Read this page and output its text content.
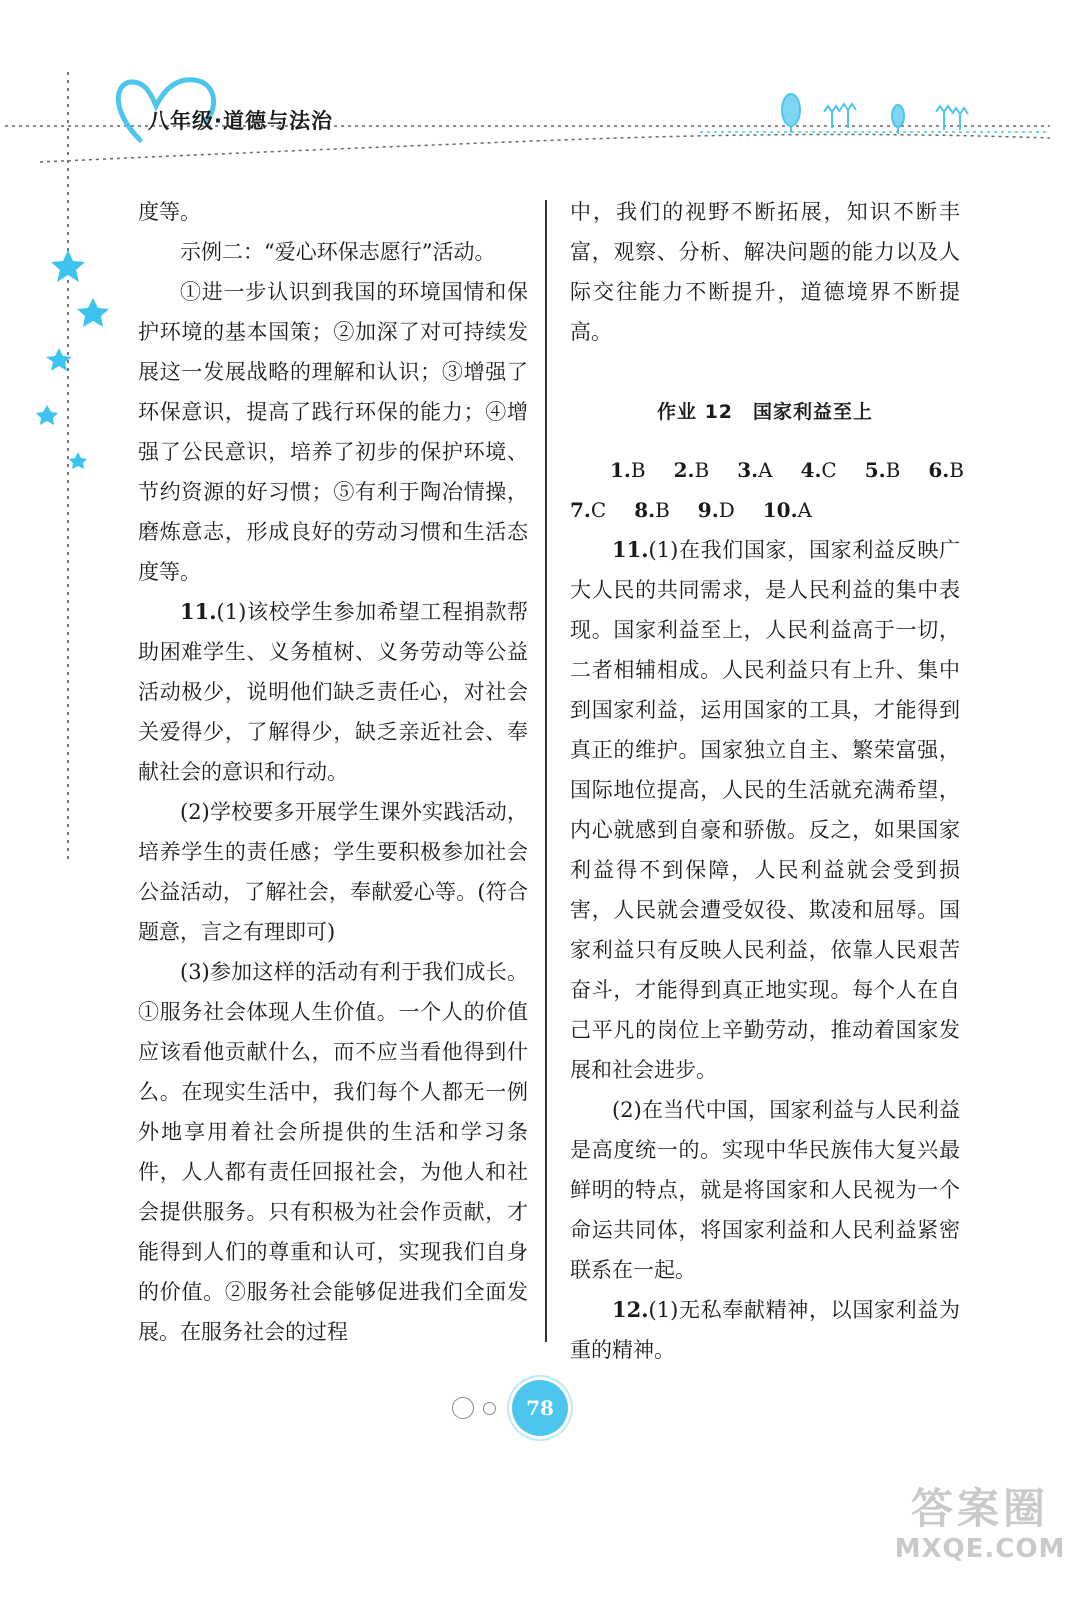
八年级·道德与法治

度等。

示例二：“爱心环保志愿行”活动。

①进一步认识到我国的环境国情和保护环境的基本国策；②加深了对可持续发展这一发展战略的理解和认识；③增强了环保意识，提高了践行环保的能力；④增强了公民意识，培养了初步的保护环境、节约资源的好习惯；⑤有利于陶冶情操，磨炼意志，形成良好的劳动习惯和生活态度等。

11.(1)该校学生参加希望工程捐款帮助困难学生、义务植树、义务劳动等公益活动极少，说明他们缺乏责任心，对社会关爱得少，了解得少，缺乏亲近社会、奉献社会的意识和行动。

(2)学校要多开展学生课外实践活动，培养学生的责任感；学生要积极参加社会公益活动，了解社会，奉献爱心等。(符合题意，言之有理即可)

(3)参加这样的活动有利于我们成长。①服务社会体现人生价值。一个人的价值应该看他贡献什么，而不应当看他得到什么。在现实生活中，我们每个人都无一例外地享用着社会所提供的生活和学习条件，人人都有责任回报社会，为他人和社会提供服务。只有积极为社会作贡献，才能得到人们的尊重和认可，实现我们自身的价值。②服务社会能够促进我们全面发展。在服务社会的过程

中，我们的视野不断拓展，知识不断丰富，观察、分析、解决问题的能力以及人际交往能力不断提升，道德境界不断提高。

作业 12　国家利益至上

1.B 2.B 3.A 4.C 5.B 6.B

7.C 8.B 9.D 10.A

11.(1)在我们国家，国家利益反映广大人民的共同需求，是人民利益的集中表现。国家利益至上，人民利益高于一切，二者相辅相成。人民利益只有上升、集中到国家利益，运用国家的工具，才能得到真正的维护。国家独立自主、繁荣富强，国际地位提高，人民的生活就充满希望，内心就感到自豪和骄傲。反之，如果国家利益得不到保障，人民利益就会受到损害，人民就会遭受奴役、欺凌和屈辱。国家利益只有反映人民利益，依靠人民艰苦奋斗，才能得到真正地实现。每个人在自己平凡的岗位上辛勤劳动，推动着国家发展和社会进步。

(2)在当代中国，国家利益与人民利益是高度统一的。实现中华民族伟大复兴最鲜明的特点，就是将国家和人民视为一个命运共同体，将国家利益和人民利益紧密联系在一起。

12.(1)无私奉献精神，以国家利益为重的精神。

78
答案圈
MXQE.COM
